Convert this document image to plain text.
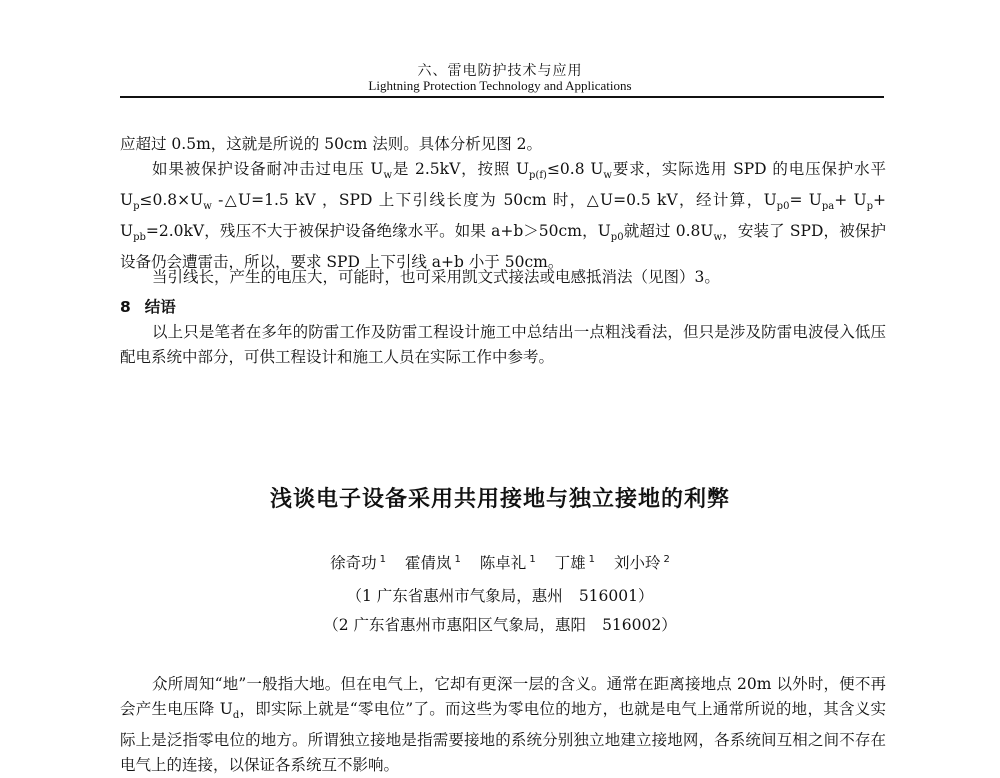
六、雷电防护技术与应用
Lightning Protection Technology and Applications
应超过 0.5m，这就是所说的 50cm 法则。具体分析见图 2。
如果被保护设备耐冲击过电压 $U_w$是 2.5kV，按照 $U_{p(f)}\le 0.8$ $U_w$要求，实际选用 SPD 的电压保护水平 $U_p\le 0.8\times U_w$ -△U=1.5 kV ，SPD 上下引线长度为 50cm 时，△U=0.5 kV，经计算，$U_{p0}= U_{pa}+ U_p+ U_{pb}=2.0kV$，残压不大于被保护设备绝缘水平。如果 a+b＞50cm，$U_{p0}$就超过 $0.8U_w$，安装了 SPD，被保护设备仍会遭雷击，所以，要求 SPD 上下引线 a+b 小于 50cm。
当引线长，产生的电压大，可能时，也可采用凯文式接法或电感抵消法（见图）3。
8 结语
以上只是笔者在多年的防雷工作及防雷工程设计施工中总结出一点粗浅看法，但只是涉及防雷电波侵入低压配电系统中部分，可供工程设计和施工人员在实际工作中参考。
浅谈电子设备采用共用接地与独立接地的利弊
徐奇功 $^1$ 霍倩岚 $^1$ 陈卓礼 $^1$ 丁雄 $^1$ 刘小玲 $^2$
（1 广东省惠州市气象局，惠州 516001）
（2 广东省惠州市惠阳区气象局，惠阳 516002）
众所周知“地”一般指大地。但在电气上，它却有更深一层的含义。通常在距离接地点 20m 以外时，便不再会产生电压降 $U_d$，即实际上就是“零电位”了。而这些为零电位的地方，也就是电气上通常所说的地，其含义实际上是泛指零电位的地方。所谓独立接地是指需要接地的系统分别独立地建立接地网，各系统间互相之间不存在电气上的连接，以保证各系统互不影响。
